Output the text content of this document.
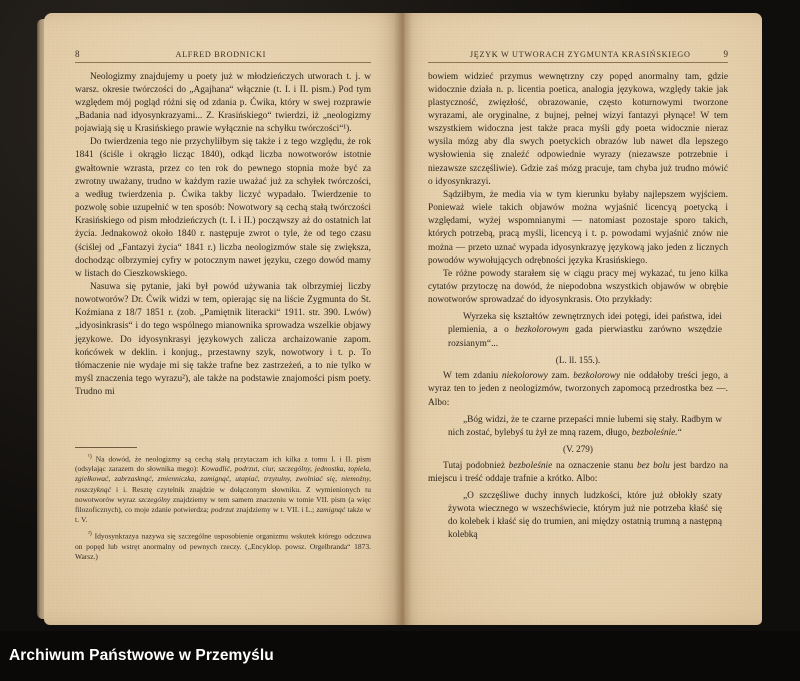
8	ALFRED BRODNICKI

Neologizmy znajdujemy u poety już w młodzieńczych utworach t. j. w warsz. okresie twórczości do „Agajhana“ włącznie (t. I. i II. pism.) Pod tym względem mój pogląd różni się od zdania p. Ćwika, który w swej rozprawie „Badania nad idyosynkrazyami... Z. Krasińskiego“ twierdzi, iż „neologizmy pojawiają się u Krasińskiego prawie wyłącznie na schyłku twórczości“¹).

Do twierdzenia tego nie przychyliłbym się także i z tego względu, że rok 1841 (ściśle i okrągło licząc 1840), odkąd liczba nowotworów istotnie gwałtownie wzrasta, przez co ten rok do pewnego stopnia może być za zwrotny uważany, trudno w każdym razie uważać już za schyłek twórczości, a według twierdzenia p. Ćwika takby liczyć wypadało. Twierdzenie to pozwolę sobie uzupełnić w ten sposób: Nowotwory są cechą stałą twórczości Krasińskiego od pism młodzieńczych (t. I. i II.) począwszy aż do ostatnich lat życia. Jednakowoż około 1840 r. następuje zwrot o tyle, że od tego czasu (ściślej od „Fantazyi życia“ 1841 r.) liczba neologizmów stale się zwiększa, dochodząc olbrzymiej cyfry w potocznym nawet języku, czego dowód mamy w listach do Cieszkowskiego.

Nasuwa się pytanie, jaki był powód używania tak olbrzymiej liczby nowotworów? Dr. Ćwik widzi w tem, opierając się na liście Zygmunta do St. Koźmiana z 18/7 1851 r. (zob. „Pamiętnik literacki“ 1911. str. 390. Lwów) „idyosinkrasis“ i do tego wspólnego mianownika sprowadza wszelkie objawy językowe. Do idyosynkrasyi językowych zalicza archaizowanie zapom. końcówek w deklin. i konjug., przestawny szyk, nowotwory i t. p. To tłómaczenie nie wydaje mi się także trafne bez zastrzeżeń, a to nie tylko w myśl znaczenia tego wyrazu²), ale także na podstawie znajomości pism poety. Trudno mi

$^{^1)}$ Na dowód, że neologizmy są cechą stałą przytaczam ich kilka z tomu I. i II. pism (odsyłając zarazem do słownika mego): Kowadlić, podrzut, ciur, szczególny, jednostka, topiela, zgiełkować, zabrzasknąć, zmienniczka, zamignąć, utapiać, trzytulny, zwolniać się, niemoźny, roszczyknąć i i. Resztę czytelnik znajdzie w dołączonym słowniku. Z wymienionych tu nowotworów wyraz szczególny znajdziemy w tem samem znaczeniu w tomie VII. pism (a więc filozoficznych), co moje zdanie potwierdza; podrzut znajdziemy w t. VII. i L.; zamignąć także w t. V.

$^{^2)}$ Idyosynkrazya nazywa się szczególne usposobienie organizmu wskutek którego odczuwa on popęd lub wstręt anormalny od pewnych rzeczy. („Encyklop. powsz. Orgelbranda“ 1873. Warsz.)

JĘZYK W UTWORACH ZYGMUNTA KRASIŃSKIEGO	9

bowiem widzieć przymus wewnętrzny czy popęd anormalny tam, gdzie widocznie działa n. p. licentia poetica, analogia językowa, względy takie jak plastyczność, zwięzłość, obrazowanie, często koturnowymi tworzone wyrazami, ale oryginalne, z bujnej, pełnej wizyi fantazyi płynące! W tem wszystkiem widoczna jest także praca myśli gdy poeta widocznie nieraz wysila mózg aby dla swych poetyckich obrazów lub nawet dla lepszego wysłowienia się znaleźć odpowiednie wyrazy (niezawsze potrzebnie i niezawsze szczęśliwie). Gdzie zaś mózg pracuje, tam chyba już trudno mówić o idyosynkrazyi.

Sądziłbym, że media via w tym kierunku byłaby najlepszem wyjściem. Ponieważ wiele takich objawów można wyjaśnić licencyą poetycką i względami, wyżej wspomnianymi — natomiast pozostaje sporo takich, których potrzebą, pracą myśli, licencyą i t. p. powodami wyjaśnić znów nie można — przeto uznać wypada idyosynkrazyę językową jako jeden z licznych powodów wywołujących odrębności języka Krasińskiego.

Te różne powody starałem się w ciągu pracy mej wykazać, tu jeno kilka cytatów przytoczę na dowód, że niepodobna wszystkich objawów w obrębie nowotworów sprowadzać do idyosynkrasis. Oto przykłady:

Wyrzeka się kształtów zewnętrznych idei potęgi, idei państwa, idei plemienia, a o bezkolorowym gada pierwiastku zarówno wszędzie rozsianym“...

(L. ll. 155.).

W tem zdaniu niekolorowy zam. bezkolorowy nie oddałoby treści jego, a wyraz ten to jeden z neologizmów, tworzonych zapomocą przedrostka bez —. Albo:

„Bóg widzi, że te czarne przepaści mnie lubemi się stały. Radbym w nich zostać, bylebyś tu żył ze mną razem, długo, bezboleśnie.“

(V. 279)

Tutaj podobnież bezboleśnie na oznaczenie stanu bez bolu jest bardzo na miejscu i treść oddaje trafnie a krótko. Albo:

„O szczęśliwe duchy innych ludzkości, które już obłokły szaty żywota wiecznego w wszechświecie, którym już nie potrzeba kłaść się do kolebek i kłaść się do trumien, ani między ostatnią trumną a następną kolebką

Archiwum Państwowe w Przemyślu
